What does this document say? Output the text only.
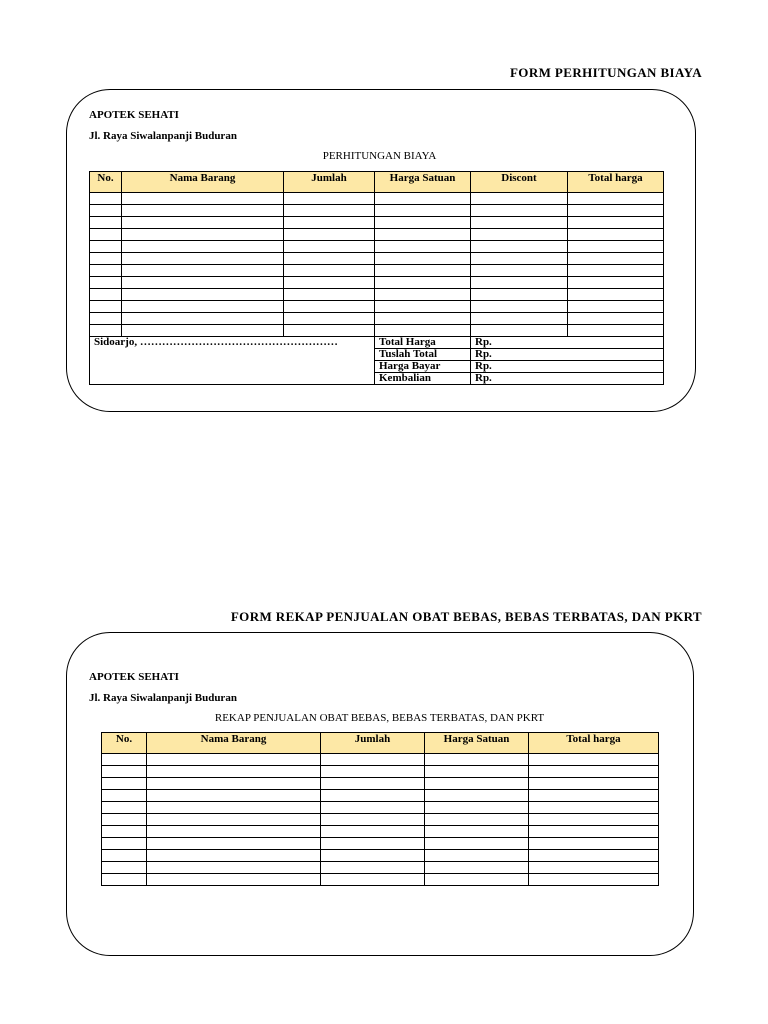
FORM PERHITUNGAN BIAYA
APOTEK SEHATI
Jl. Raya Siwalanpanji Buduran
PERHITUNGAN BIAYA
No.	Nama Barang	Jumlah	Harga Satuan	Discont	Total harga

Sidoarjo, ………………………………………………			Total Harga	Rp.	
			Tuslah Total	Rp.	
			Harga Bayar	Rp.	
			Kembalian	Rp.	
FORM REKAP PENJUALAN OBAT BEBAS, BEBAS TERBATAS, DAN PKRT
APOTEK SEHATI
Jl. Raya Siwalanpanji Buduran
REKAP PENJUALAN OBAT BEBAS, BEBAS TERBATAS, DAN PKRT
No.	Nama Barang	Jumlah	Harga Satuan	Total harga
